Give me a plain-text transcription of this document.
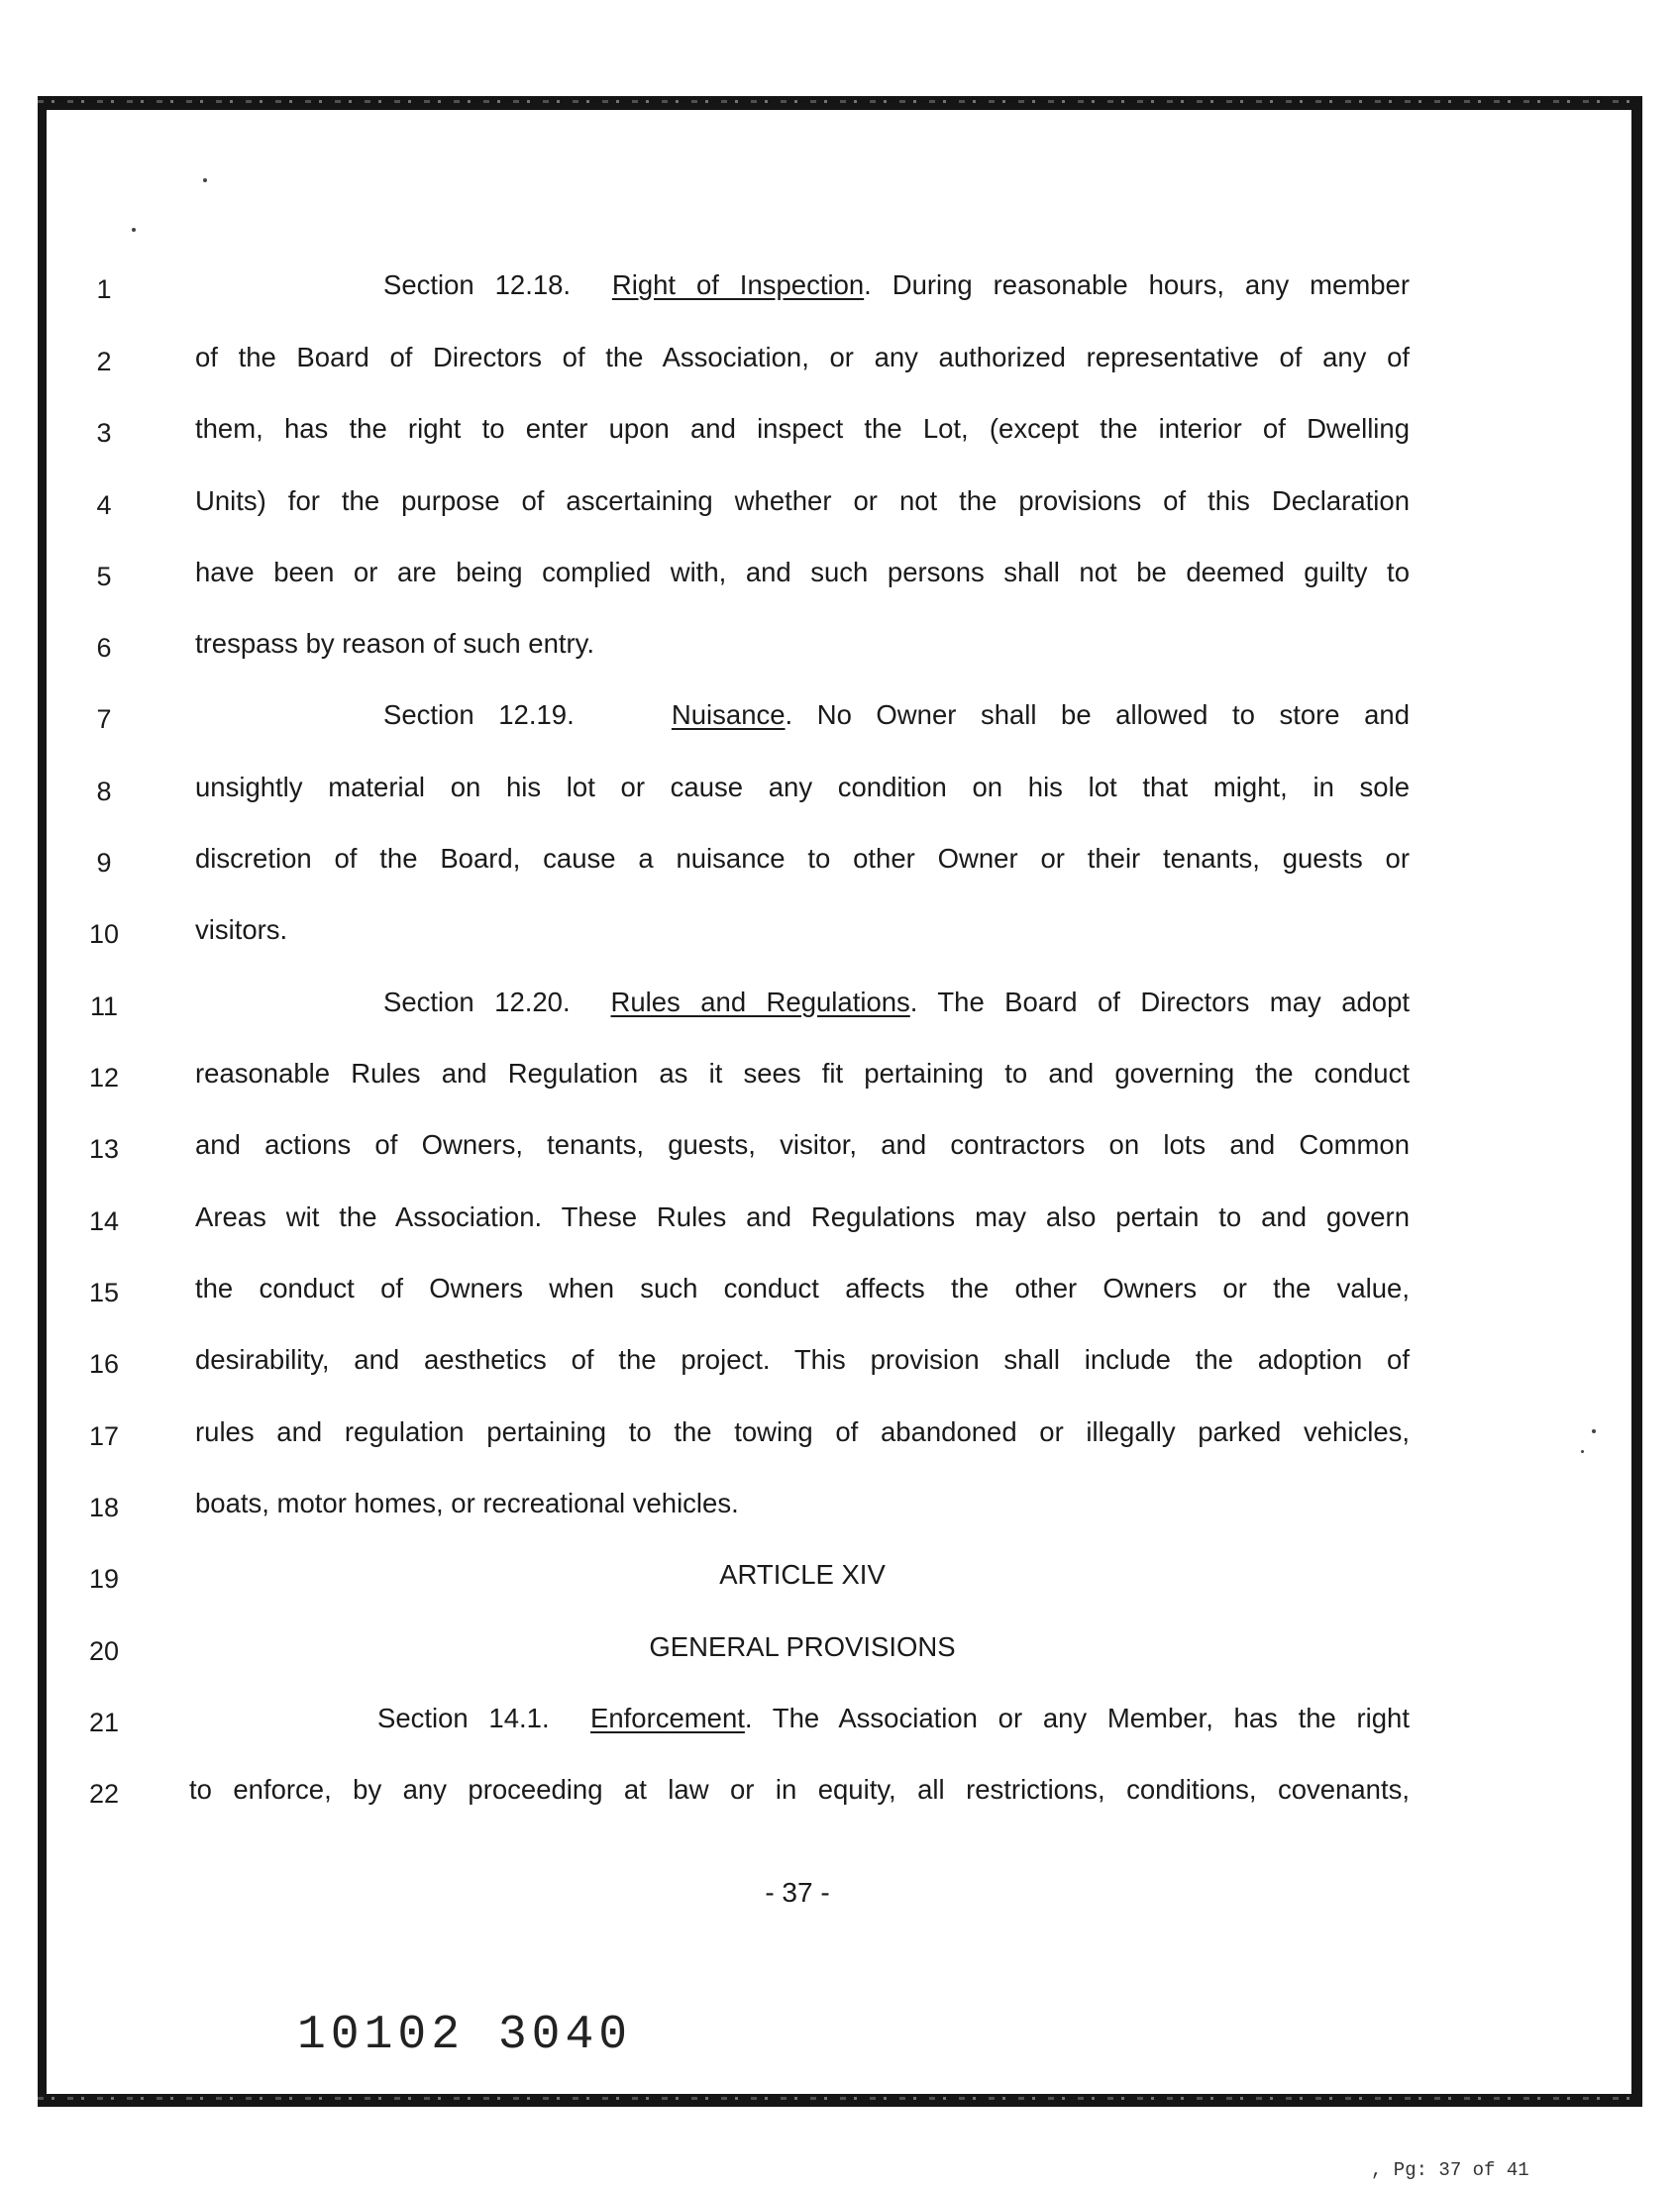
1
2
3
4
5
6
7
8
9
10
11
12
13
14
15
16
17
18
19
20
21
22
Section 12.18. Right of Inspection. During reasonable hours, any member
of the Board of Directors of the Association, or any authorized representative of any of
them, has the right to enter upon and inspect the Lot, (except the interior of Dwelling
Units) for the purpose of ascertaining whether or not the provisions of this Declaration
have been or are being complied with, and such persons shall not be deemed guilty to
trespass by reason of such entry.
Section 12.19.	Nuisance. No Owner shall be allowed to store and
unsightly material on his lot or cause any condition on his lot that might, in sole
discretion of the Board, cause a nuisance to other Owner or their tenants, guests or
visitors.
Section 12.20. Rules and Regulations. The Board of Directors may adopt
reasonable Rules and Regulation as it sees fit pertaining to and governing the conduct
and actions of Owners, tenants, guests, visitor, and contractors on lots and Common
Areas wit the Association. These Rules and Regulations may also pertain to and govern
the conduct of Owners when such conduct affects the other Owners or the value,
desirability, and aesthetics of the project. This provision shall include the adoption of
rules and regulation pertaining to the towing of abandoned or illegally parked vehicles,
boats, motor homes, or recreational vehicles.
ARTICLE XIV
GENERAL PROVISIONS
Section 14.1. Enforcement. The Association or any Member, has the right
to enforce, by any proceeding at law or in equity, all restrictions, conditions, covenants,
- 37 -
10102 3040
, Pg: 37 of 41
